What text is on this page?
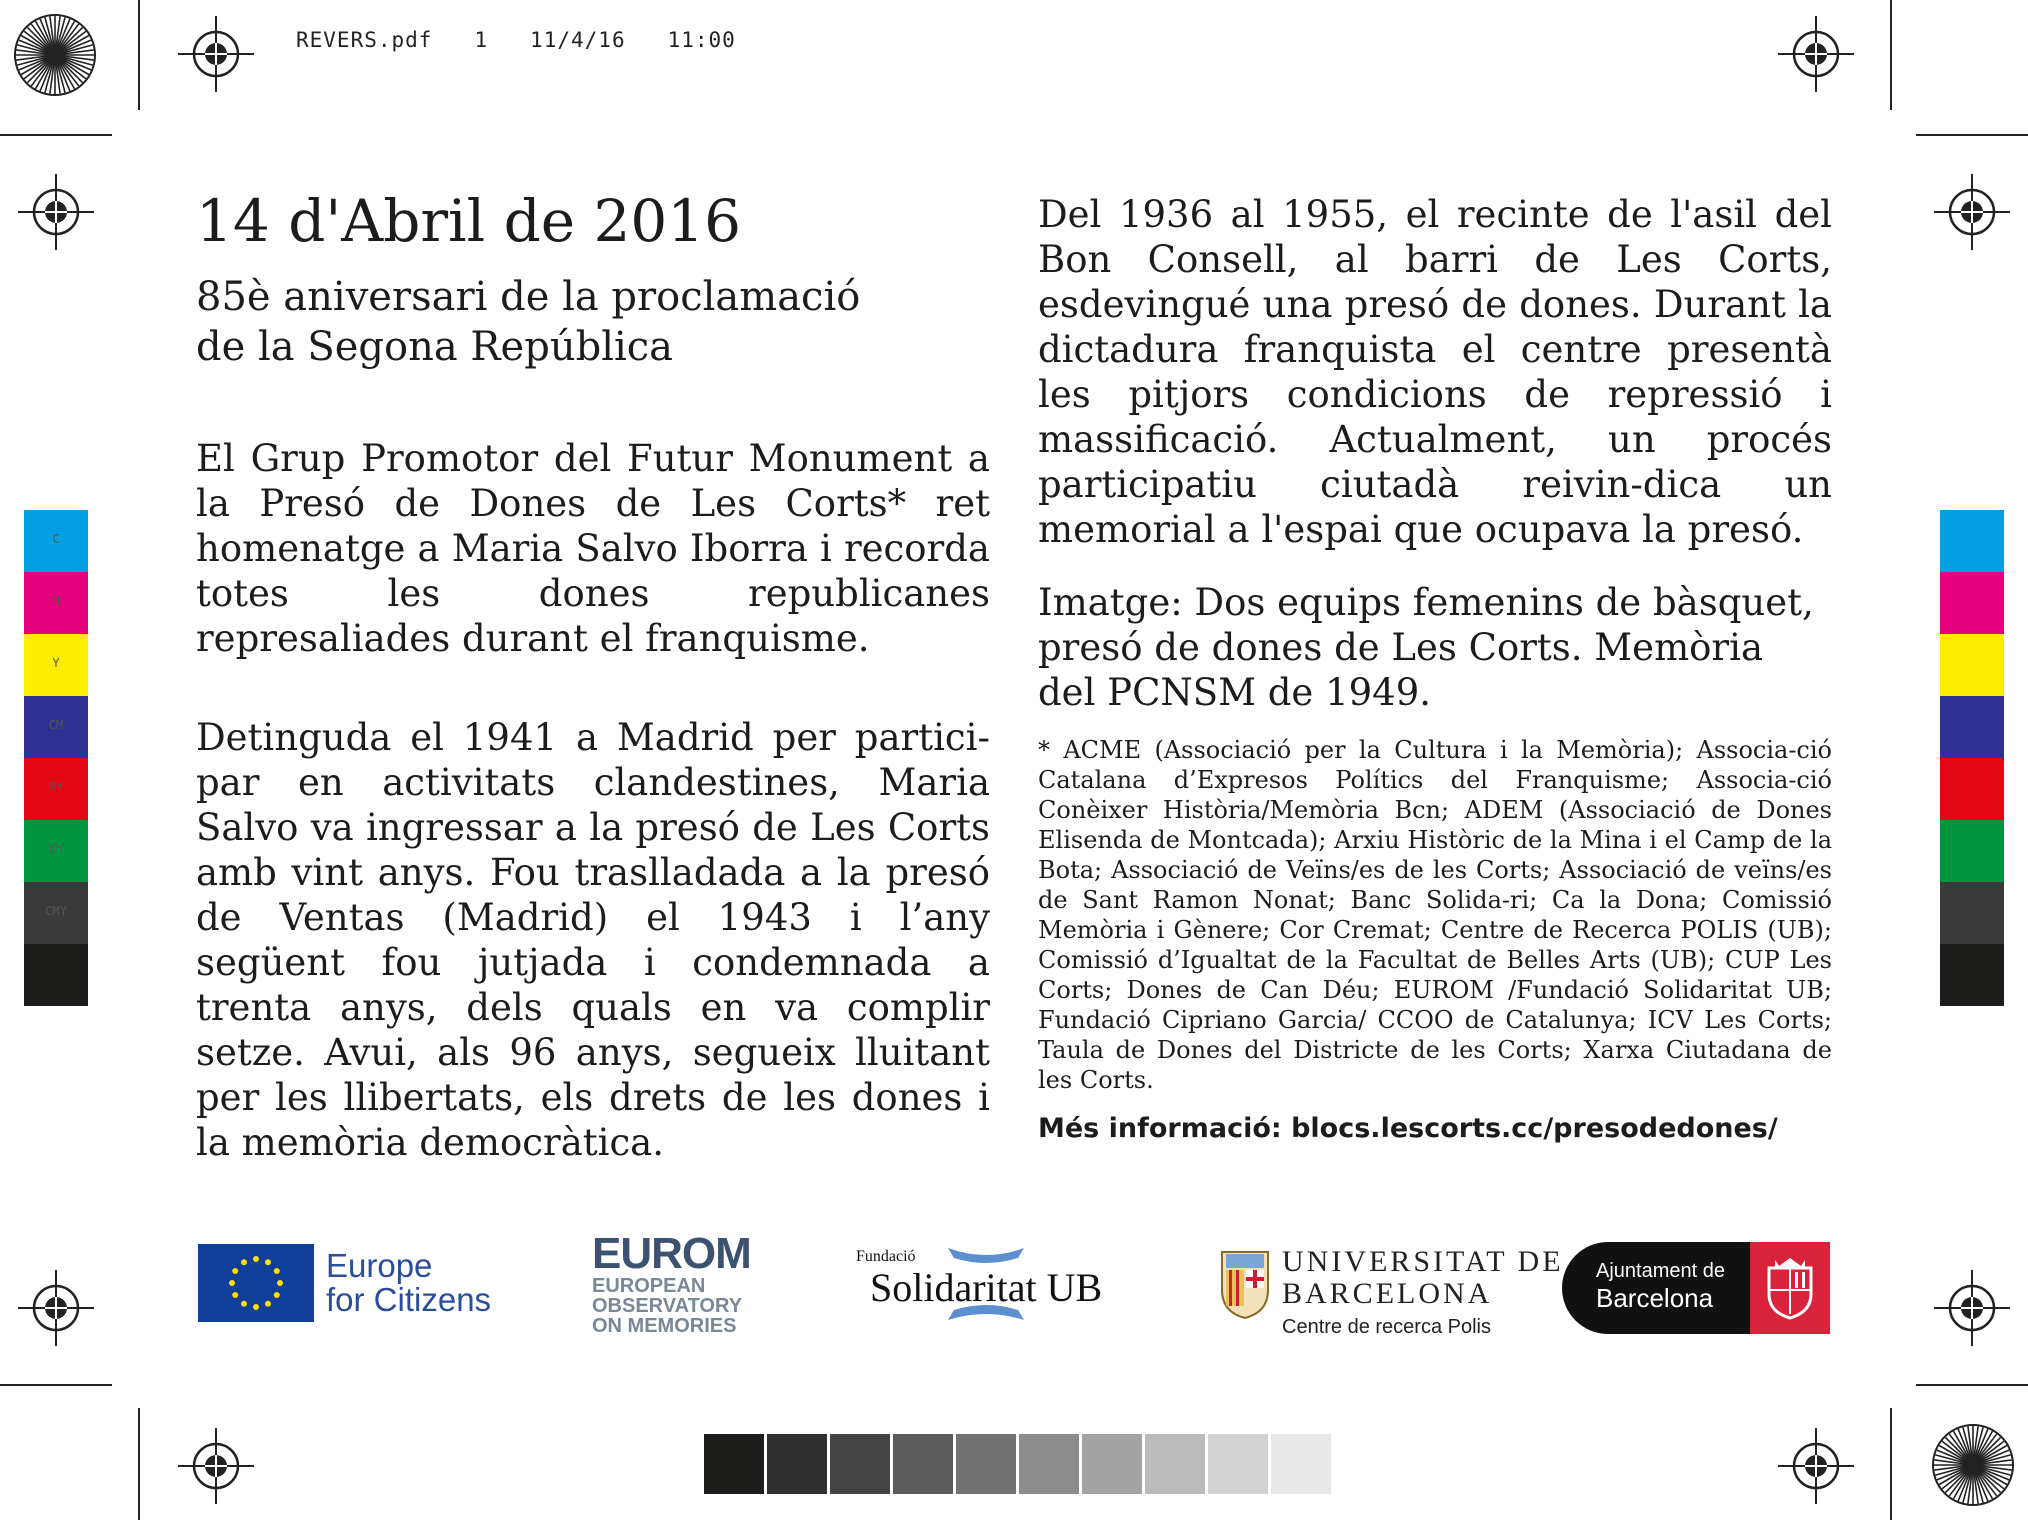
REVERS.pdf 1 11/4/16 11:00
C
M
Y
CM
MY
CY
CMY
14 d'Abril de 2016
85è aniversari de la proclamació
de la Segona República

El Grup Promotor del Futur Monument a la Presó de Dones de Les Corts* ret homenatge a Maria Salvo Iborra i recorda totes les dones republicanes represaliades durant el franquisme.

Detinguda el 1941 a Madrid per partici-par en activitats clandestines, Maria Salvo va ingressar a la presó de Les Corts amb vint anys. Fou traslladada a la presó de Ventas (Madrid) el 1943 i l’any següent fou jutjada i condemnada a trenta anys, dels quals en va complir setze. Avui, als 96 anys, segueix lluitant per les llibertats, els drets de les dones i la memòria democràtica.

Del 1936 al 1955, el recinte de l'asil del Bon Consell, al barri de Les Corts, esdevingué una presó de dones. Durant la dictadura franquista el centre presentà les pitjors condicions de repressió i massificació. Actualment, un procés participatiu ciutadà reivin-dica un memorial a l'espai que ocupava la presó.

Imatge: Dos equips femenins de bàsquet, presó de dones de Les Corts. Memòria del PCNSM de 1949.

* ACME (Associació per la Cultura i la Memòria); Associa-ció Catalana d’Expresos Polítics del Franquisme; Associa-ció Conèixer Història/Memòria Bcn; ADEM (Associació de Dones Elisenda de Montcada); Arxiu Històric de la Mina i el Camp de la Bota; Associació de Veïns/es de les Corts; Associació de veïns/es de Sant Ramon Nonat; Banc Solida-ri; Ca la Dona; Comissió Memòria i Gènere; Cor Cremat; Centre de Recerca POLIS (UB); Comissió d’Igualtat de la Facultat de Belles Arts (UB); CUP Les Corts; Dones de Can Déu; EUROM /Fundació Solidaritat UB; Fundació Cipriano Garcia/ CCOO de Catalunya; ICV Les Corts; Taula de Dones del Districte de les Corts; Xarxa Ciutadana de les Corts.

Més informació: blocs.lescorts.cc/presodedones/

Europe
for Citizens
EUROM
EUROPEAN
OBSERVATORY
ON MEMORIES
Fundació
Solidaritat UB
UNIVERSITAT DE
BARCELONA
Centre de recerca Polis
Ajuntament de
Barcelona
